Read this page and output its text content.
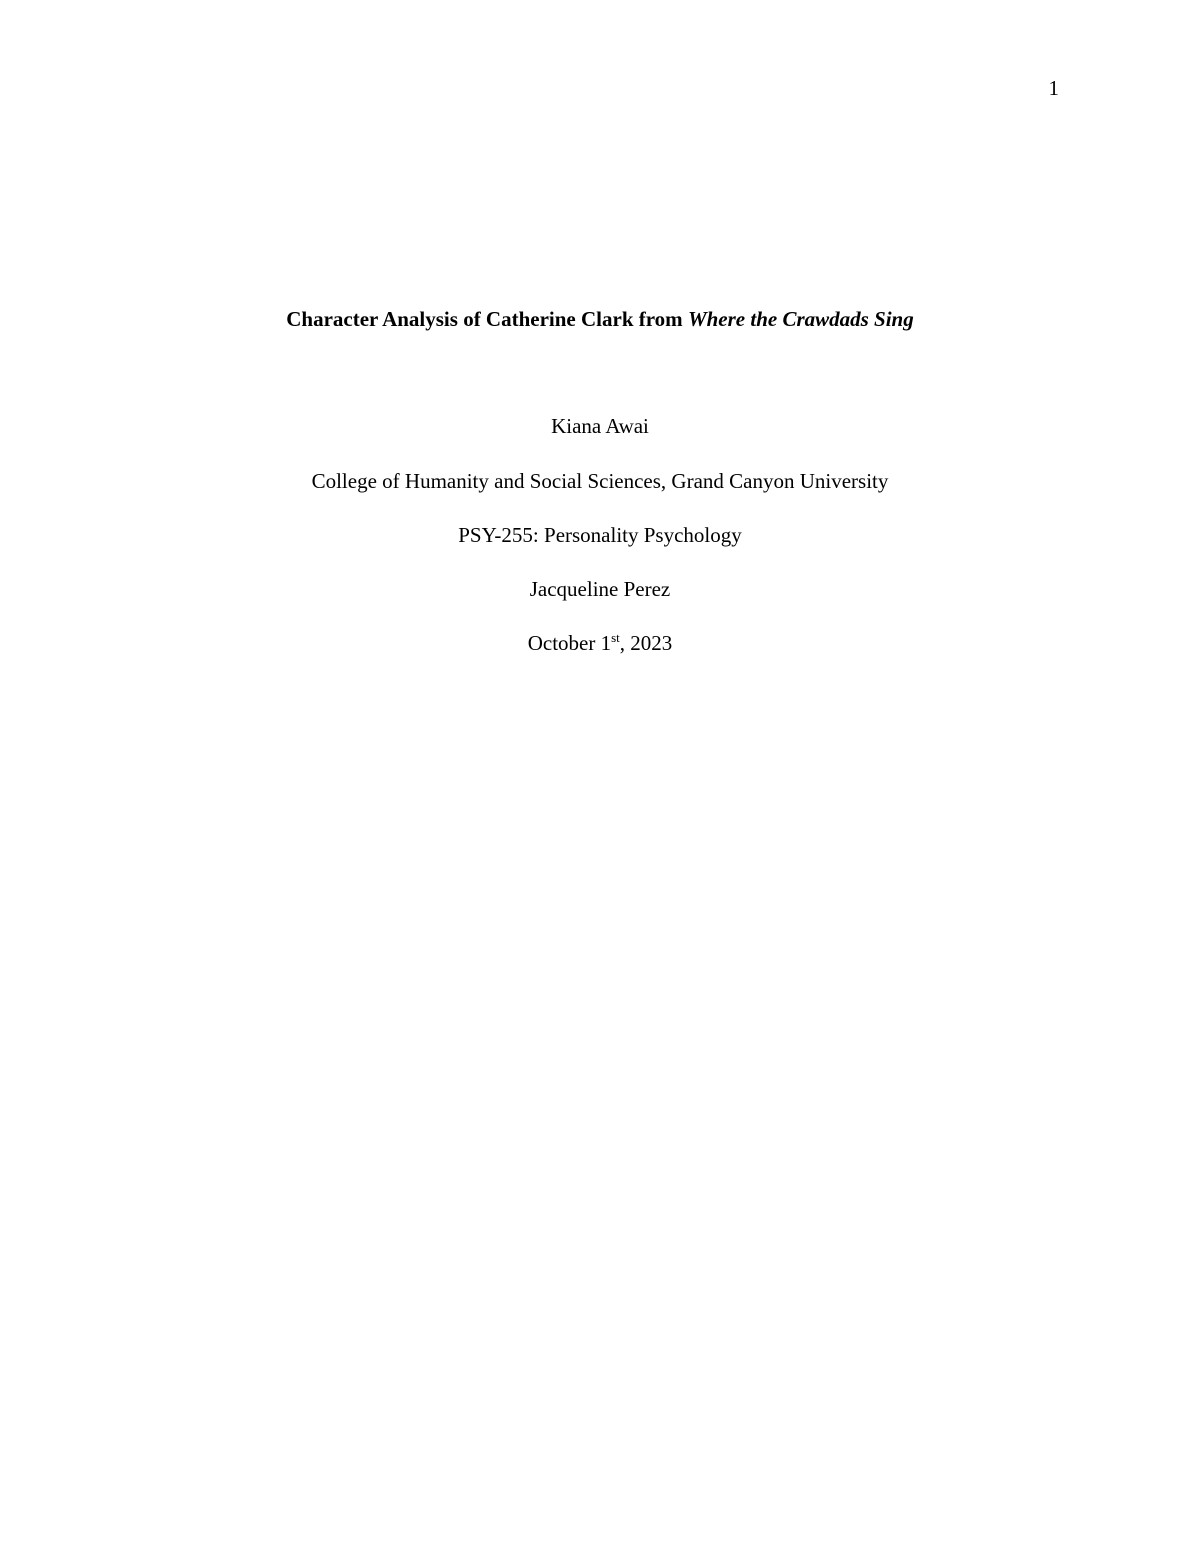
1
Character Analysis of Catherine Clark from Where the Crawdads Sing
Kiana Awai
College of Humanity and Social Sciences, Grand Canyon University
PSY-255: Personality Psychology
Jacqueline Perez
October 1st, 2023
